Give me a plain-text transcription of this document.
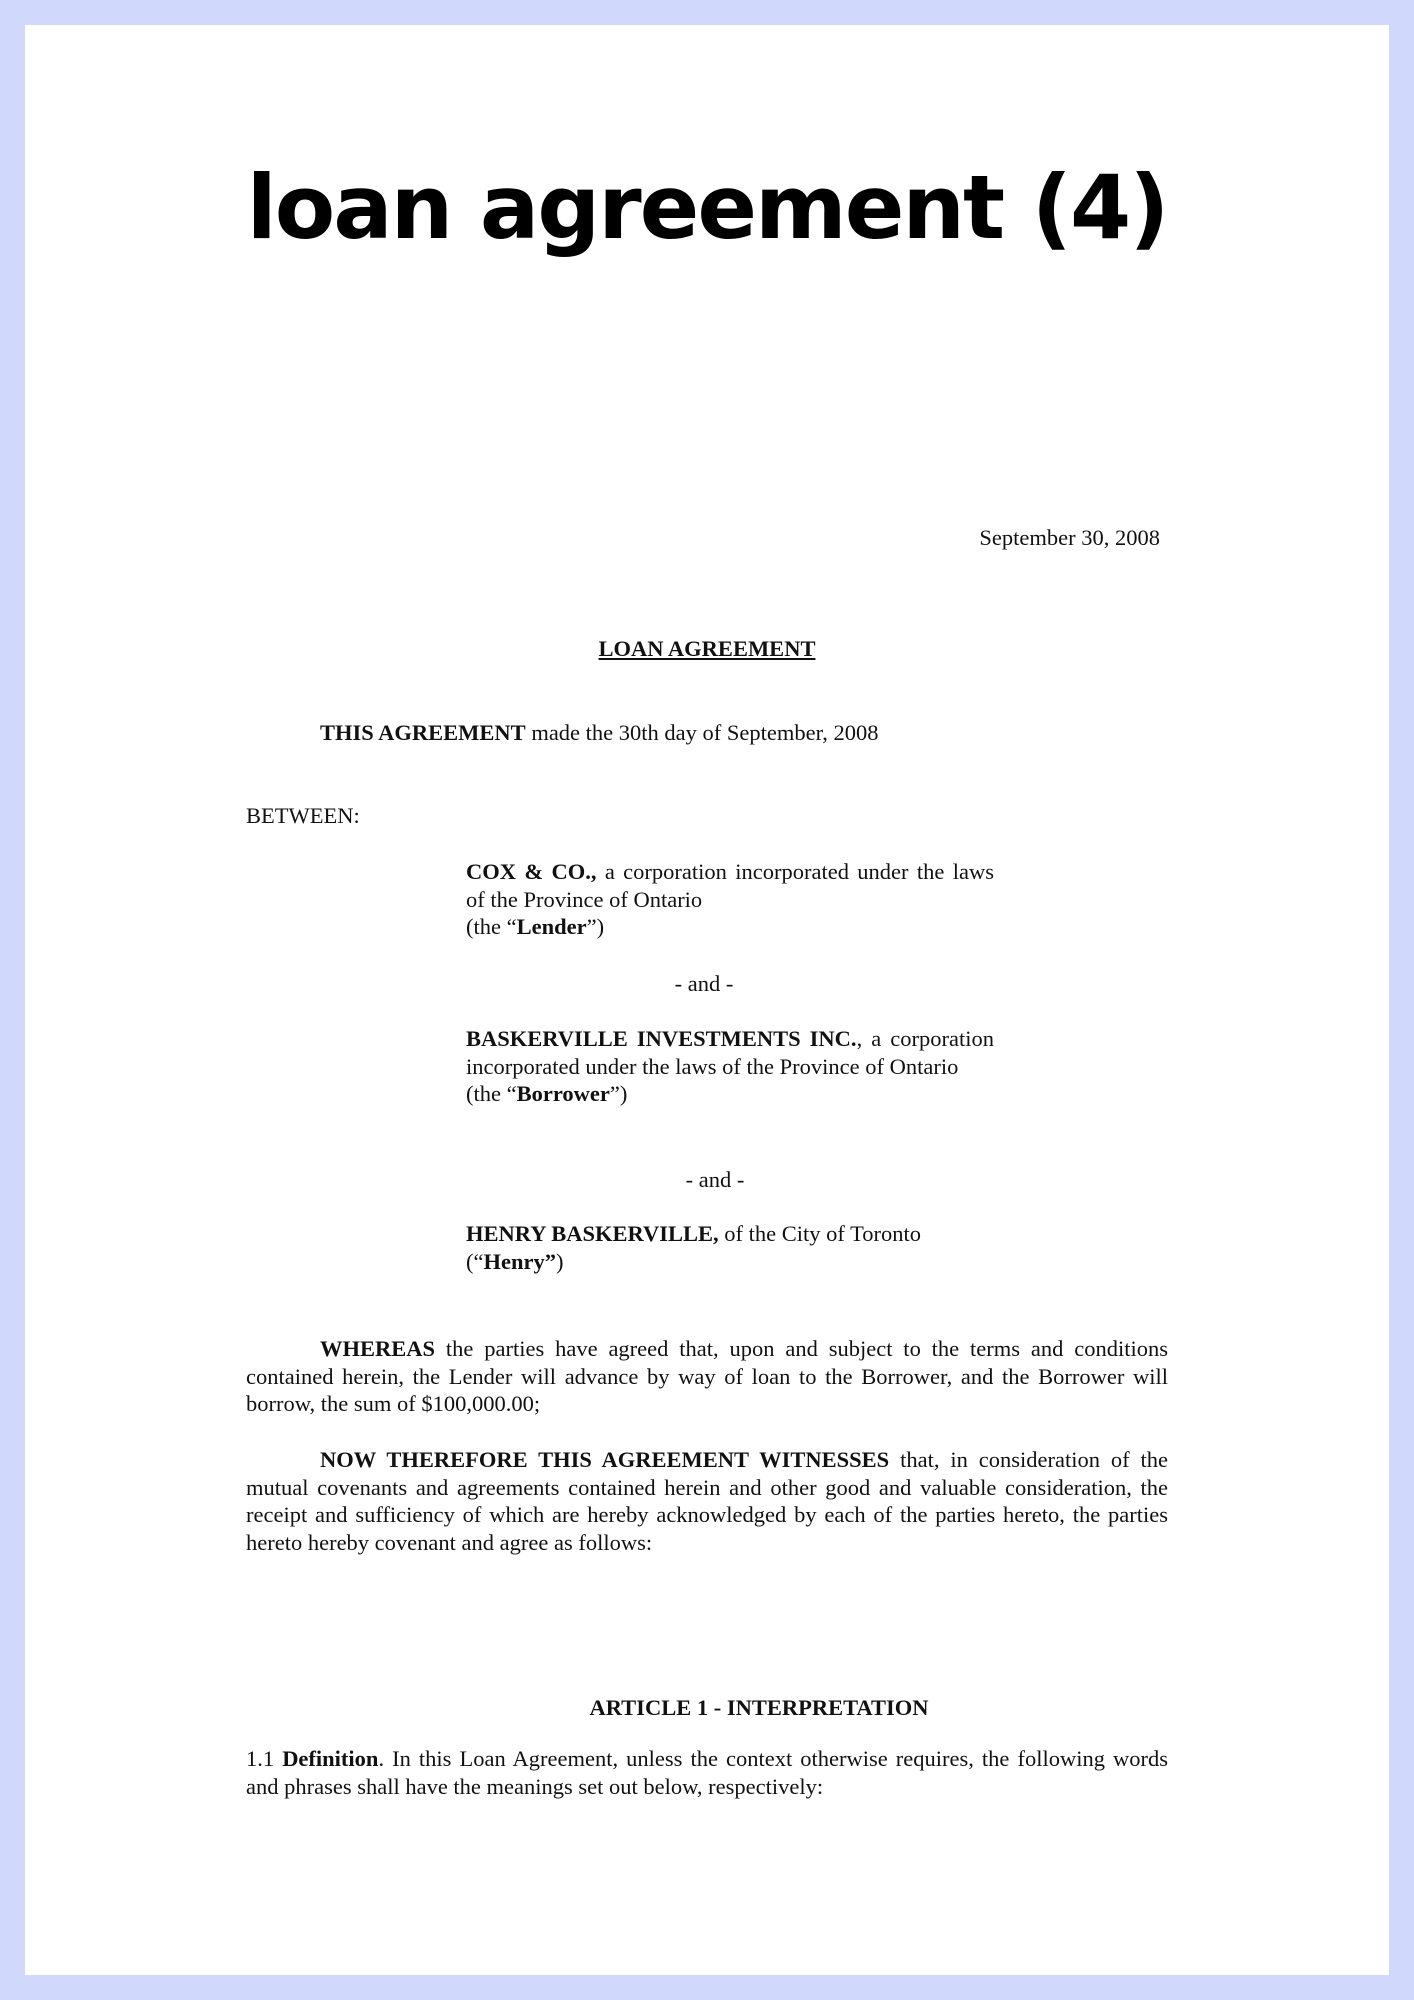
loan agreement (4)
September 30, 2008
LOAN AGREEMENT
THIS AGREEMENT made the 30th day of September, 2008
BETWEEN:
COX & CO., a corporation incorporated under the laws of the Province of Ontario
(the “Lender”)
- and -
BASKERVILLE INVESTMENTS INC., a corporation incorporated under the laws of the Province of Ontario
(the “Borrower”)
- and -
HENRY BASKERVILLE, of the City of Toronto
(“Henry”)
WHEREAS the parties have agreed that, upon and subject to the terms and conditions contained herein, the Lender will advance by way of loan to the Borrower, and the Borrower will borrow, the sum of $100,000.00;
NOW THEREFORE THIS AGREEMENT WITNESSES that, in consideration of the mutual covenants and agreements contained herein and other good and valuable consideration, the receipt and sufficiency of which are hereby acknowledged by each of the parties hereto, the parties hereto hereby covenant and agree as follows:
ARTICLE 1 - INTERPRETATION
1.1 Definition. In this Loan Agreement, unless the context otherwise requires, the following words and phrases shall have the meanings set out below, respectively:
